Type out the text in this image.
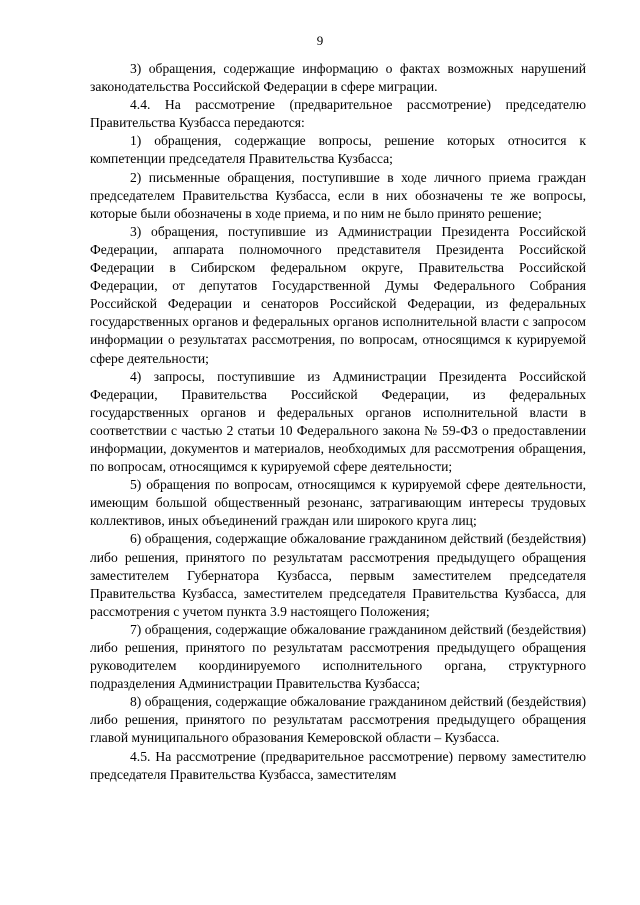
9

3) обращения, содержащие информацию о фактах возможных нарушений законодательства Российской Федерации в сфере миграции.

4.4. На рассмотрение (предварительное рассмотрение) председателю Правительства Кузбасса передаются:

1) обращения, содержащие вопросы, решение которых относится к компетенции председателя Правительства Кузбасса;

2) письменные обращения, поступившие в ходе личного приема граждан председателем Правительства Кузбасса, если в них обозначены те же вопросы, которые были обозначены в ходе приема, и по ним не было принято решение;

3) обращения, поступившие из Администрации Президента Российской Федерации, аппарата полномочного представителя Президента Российской Федерации в Сибирском федеральном округе, Правительства Российской Федерации, от депутатов Государственной Думы Федерального Собрания Российской Федерации и сенаторов Российской Федерации, из федеральных государственных органов и федеральных органов исполнительной власти с запросом информации о результатах рассмотрения, по вопросам, относящимся к курируемой сфере деятельности;

4) запросы, поступившие из Администрации Президента Российской Федерации, Правительства Российской Федерации, из федеральных государственных органов и федеральных органов исполнительной власти в соответствии с частью 2 статьи 10 Федерального закона № 59-ФЗ о предоставлении информации, документов и материалов, необходимых для рассмотрения обращения, по вопросам, относящимся к курируемой сфере деятельности;

5) обращения по вопросам, относящимся к курируемой сфере деятельности, имеющим большой общественный резонанс, затрагивающим интересы трудовых коллективов, иных объединений граждан или широкого круга лиц;

6) обращения, содержащие обжалование гражданином действий (бездействия) либо решения, принятого по результатам рассмотрения предыдущего обращения заместителем Губернатора Кузбасса, первым заместителем председателя Правительства Кузбасса, заместителем председателя Правительства Кузбасса, для рассмотрения с учетом пункта 3.9 настоящего Положения;

7) обращения, содержащие обжалование гражданином действий (бездействия) либо решения, принятого по результатам рассмотрения предыдущего обращения руководителем координируемого исполнительного органа, структурного подразделения Администрации Правительства Кузбасса;

8) обращения, содержащие обжалование гражданином действий (бездействия) либо решения, принятого по результатам рассмотрения предыдущего обращения главой муниципального образования Кемеровской области – Кузбасса.

4.5. На рассмотрение (предварительное рассмотрение) первому заместителю председателя Правительства Кузбасса, заместителям
